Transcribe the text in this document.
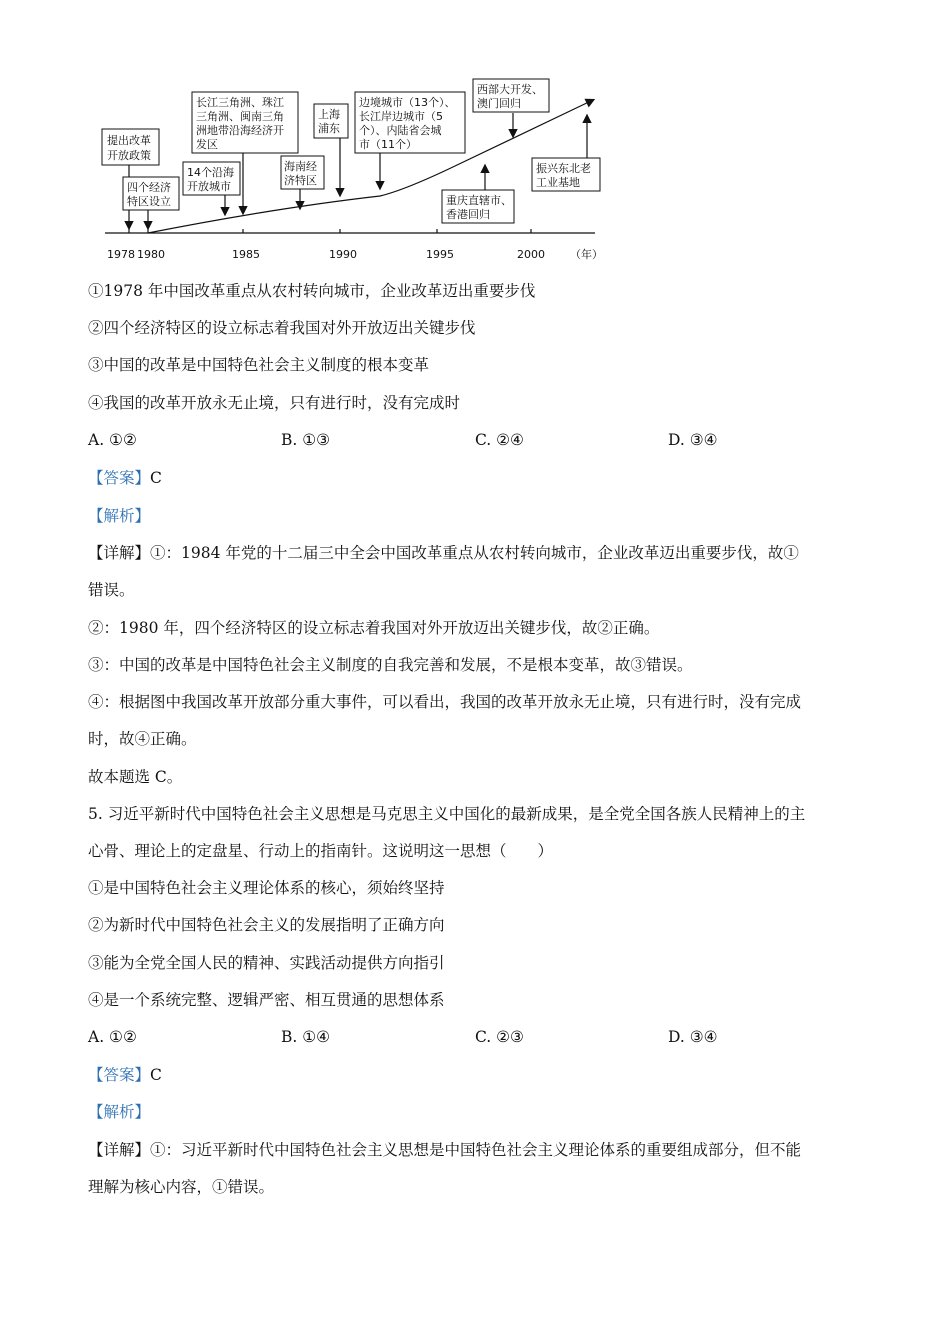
1978 1980	1985	1990	1995	2000 （年）
提出改革
开放政策
四个经济
特区设立
14个沿海
开放城市
长江三角洲、珠江
三角洲、闽南三角
洲地带沿海经济开
发区
海南经
济特区
上海
浦东
边境城市（13个）、
长江岸边城市（5
个）、内陆省会城
市（11个）
重庆直辖市、
香港回归
西部大开发、
澳门回归
振兴东北老
工业基地
①1978 年中国改革重点从农村转向城市，企业改革迈出重要步伐
②四个经济特区的设立标志着我国对外开放迈出关键步伐
③中国的改革是中国特色社会主义制度的根本变革
④我国的改革开放永无止境，只有进行时，没有完成时
A. ①②	B. ①③	C. ②④	D. ③④
【答案】C
【解析】
【详解】①：1984 年党的十二届三中全会中国改革重点从农村转向城市，企业改革迈出重要步伐，故①
错误。
②：1980 年，四个经济特区的设立标志着我国对外开放迈出关键步伐，故②正确。
③：中国的改革是中国特色社会主义制度的自我完善和发展，不是根本变革，故③错误。
④：根据图中我国改革开放部分重大事件，可以看出，我国的改革开放永无止境，只有进行时，没有完成
时，故④正确。
故本题选 C。
5. 习近平新时代中国特色社会主义思想是马克思主义中国化的最新成果，是全党全国各族人民精神上的主
心骨、理论上的定盘星、行动上的指南针。这说明这一思想（　　）
①是中国特色社会主义理论体系的核心，须始终坚持
②为新时代中国特色社会主义的发展指明了正确方向
③能为全党全国人民的精神、实践活动提供方向指引
④是一个系统完整、逻辑严密、相互贯通的思想体系
A. ①②	B. ①④	C. ②③	D. ③④
【答案】C
【解析】
【详解】①：习近平新时代中国特色社会主义思想是中国特色社会主义理论体系的重要组成部分，但不能
理解为核心内容，①错误。
